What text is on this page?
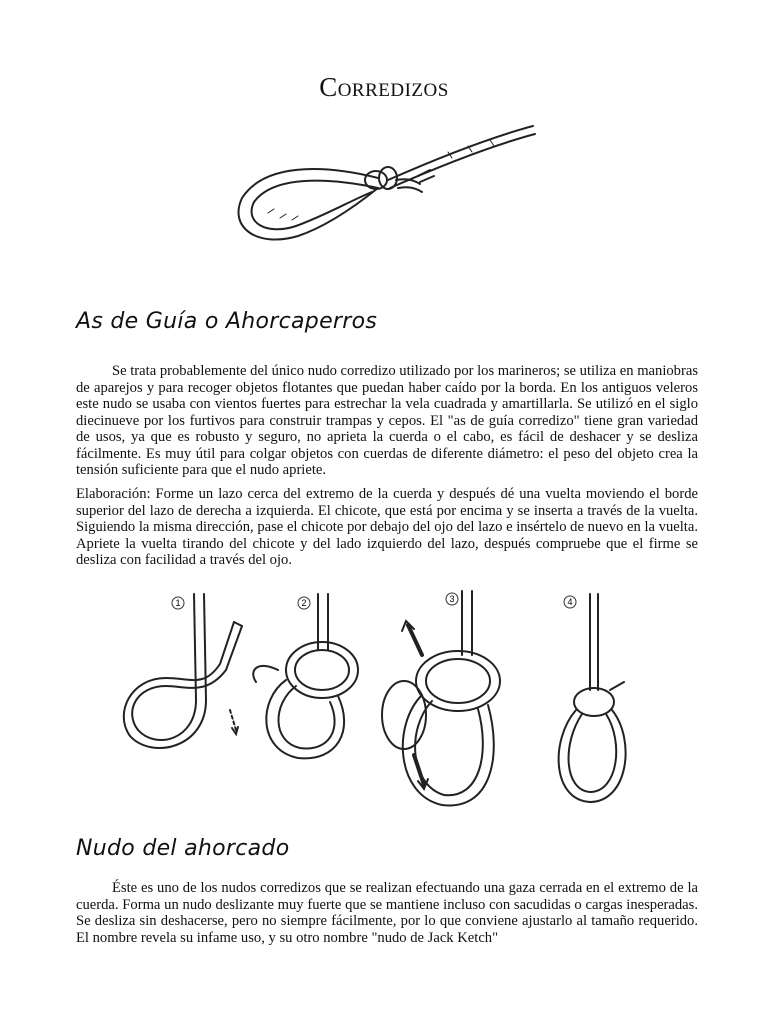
Corredizos
As de Guía o Ahorcaperros
Se trata probablemente del único nudo corredizo utilizado por los marineros; se utiliza en maniobras de aparejos y para recoger objetos flotantes que puedan haber caído por la borda. En los antiguos veleros este nudo se usaba con vientos fuertes para estrechar la vela cuadrada y amartillarla. Se utilizó en el siglo diecinueve por los furtivos para construir trampas y cepos. El "as de guía corredizo" tiene gran variedad de usos, ya que es robusto y seguro, no aprieta la cuerda o el cabo, es fácil de deshacer y se desliza fácilmente. Es muy útil para colgar objetos con cuerdas de diferente diámetro: el peso del objeto crea la tensión suficiente para que el nudo apriete.
Elaboración: Forme un lazo cerca del extremo de la cuerda y después dé una vuelta moviendo el borde superior del lazo de derecha a izquierda. El chicote, que está por encima y se inserta a través de la vuelta. Siguiendo la misma dirección, pase el chicote por debajo del ojo del lazo e insértelo de nuevo en la vuelta. Apriete la vuelta tirando del chicote y del lado izquierdo del lazo, después compruebe que el firme se desliza con facilidad a través del ojo.
1	2	3	4
Nudo del ahorcado
Éste es uno de los nudos corredizos que se realizan efectuando una gaza cerrada en el extremo de la cuerda. Forma un nudo deslizante muy fuerte que se mantiene incluso con sacudidas o cargas inesperadas. Se desliza sin deshacerse, pero no siempre fácilmente, por lo que conviene ajustarlo al tamaño requerido. El nombre revela su infame uso, y su otro nombre "nudo de Jack Ketch"
